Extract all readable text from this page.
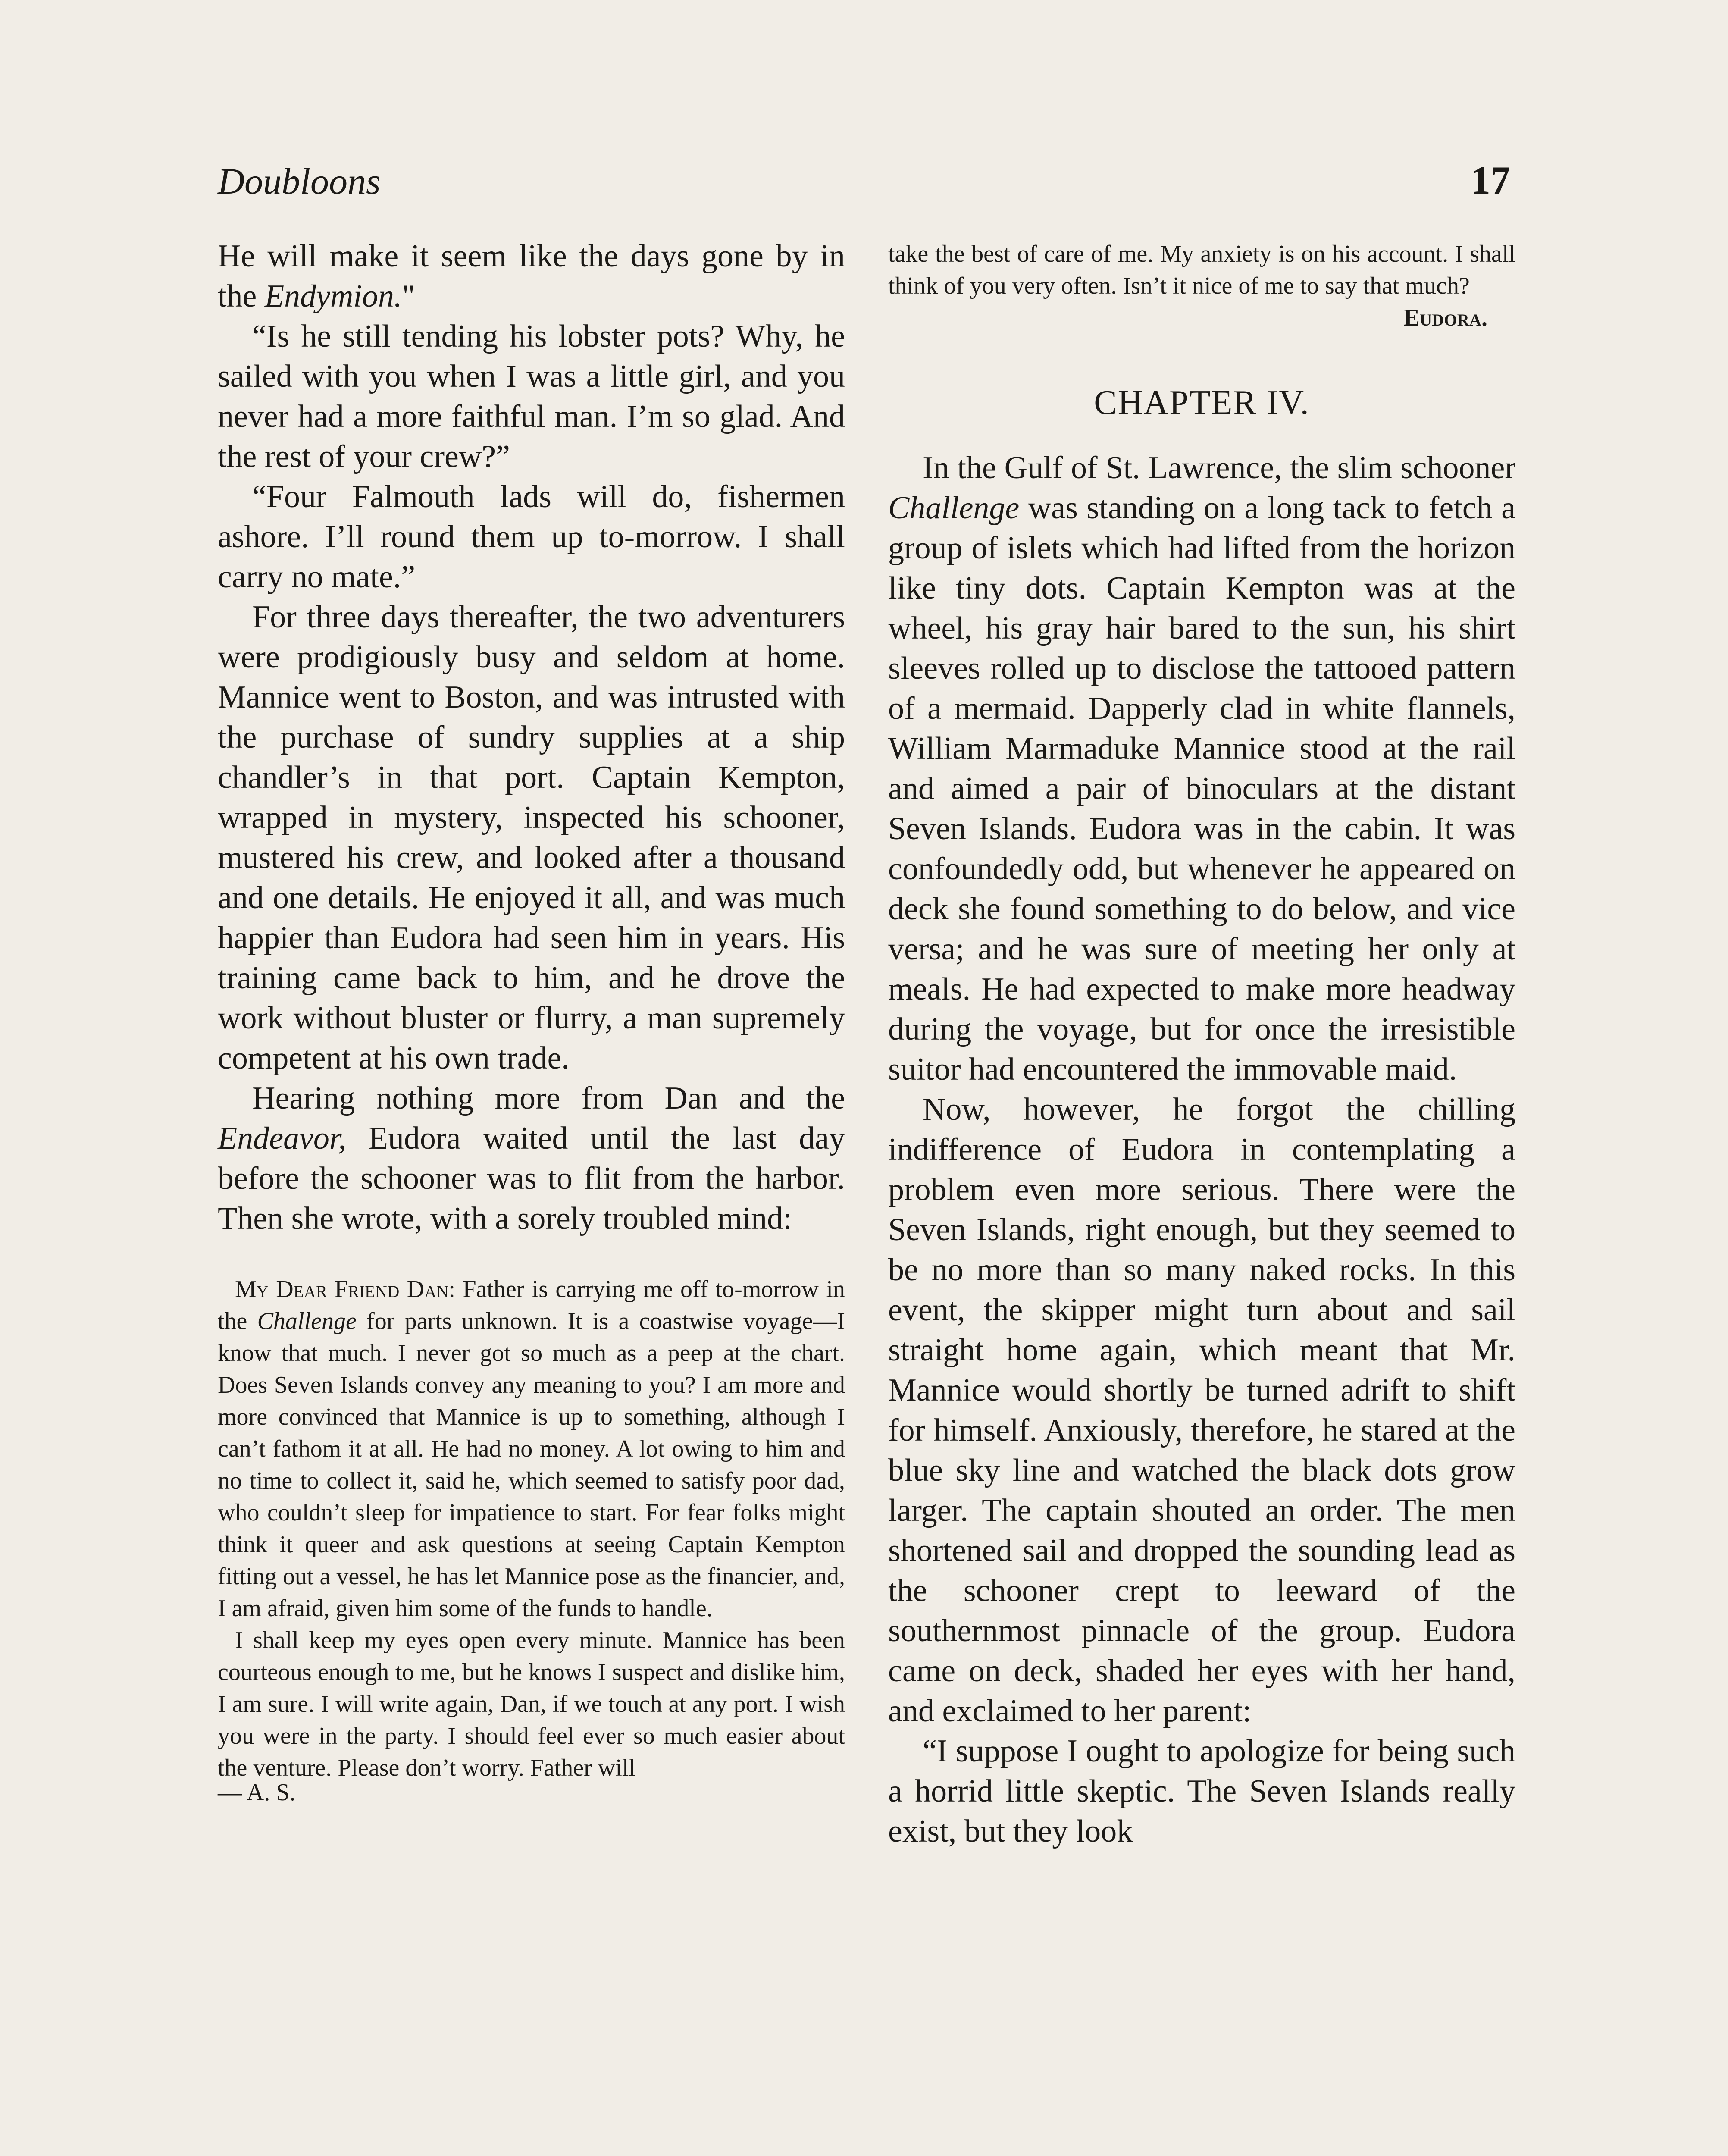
Doubloons	17

He will make it seem like the days gone by in the Endymion."

“Is he still tending his lobster pots? Why, he sailed with you when I was a little girl, and you never had a more faithful man. I’m so glad. And the rest of your crew?”

“Four Falmouth lads will do, fishermen ashore. I’ll round them up to-morrow. I shall carry no mate.”

For three days thereafter, the two adventurers were prodigiously busy and seldom at home. Mannice went to Boston, and was intrusted with the purchase of sundry supplies at a ship chandler’s in that port. Captain Kempton, wrapped in mystery, inspected his schooner, mustered his crew, and looked after a thousand and one details. He enjoyed it all, and was much happier than Eudora had seen him in years. His training came back to him, and he drove the work without bluster or flurry, a man supremely competent at his own trade.

Hearing nothing more from Dan and the Endeavor, Eudora waited until the last day before the schooner was to flit from the harbor. Then she wrote, with a sorely troubled mind:

My Dear Friend Dan: Father is carrying me off to-morrow in the Challenge for parts unknown. It is a coastwise voyage—I know that much. I never got so much as a peep at the chart. Does Seven Islands convey any meaning to you? I am more and more convinced that Mannice is up to something, although I can’t fathom it at all. He had no money. A lot owing to him and no time to collect it, said he, which seemed to satisfy poor dad, who couldn’t sleep for impatience to start. For fear folks might think it queer and ask questions at seeing Captain Kempton fitting out a vessel, he has let Mannice pose as the financier, and, I am afraid, given him some of the funds to handle.

I shall keep my eyes open every minute. Mannice has been courteous enough to me, but he knows I suspect and dislike him, I am sure. I will write again, Dan, if we touch at any port. I wish you were in the party. I should feel ever so much easier about the venture. Please don’t worry. Father will

— A. S.

take the best of care of me. My anxiety is on his account. I shall think of you very often. Isn’t it nice of me to say that much?

Eudora.
CHAPTER IV.

In the Gulf of St. Lawrence, the slim schooner Challenge was standing on a long tack to fetch a group of islets which had lifted from the horizon like tiny dots. Captain Kempton was at the wheel, his gray hair bared to the sun, his shirt sleeves rolled up to disclose the tattooed pattern of a mermaid. Dapperly clad in white flannels, William Marmaduke Mannice stood at the rail and aimed a pair of binoculars at the distant Seven Islands. Eudora was in the cabin. It was confoundedly odd, but whenever he appeared on deck she found something to do below, and vice versa; and he was sure of meeting her only at meals. He had expected to make more headway during the voyage, but for once the irresistible suitor had encountered the immovable maid.

Now, however, he forgot the chilling indifference of Eudora in contemplating a problem even more serious. There were the Seven Islands, right enough, but they seemed to be no more than so many naked rocks. In this event, the skipper might turn about and sail straight home again, which meant that Mr. Mannice would shortly be turned adrift to shift for himself. Anxiously, therefore, he stared at the blue sky line and watched the black dots grow larger. The captain shouted an order. The men shortened sail and dropped the sounding lead as the schooner crept to leeward of the southernmost pinnacle of the group. Eudora came on deck, shaded her eyes with her hand, and exclaimed to her parent:

“I suppose I ought to apologize for being such a horrid little skeptic. The Seven Islands really exist, but they look
